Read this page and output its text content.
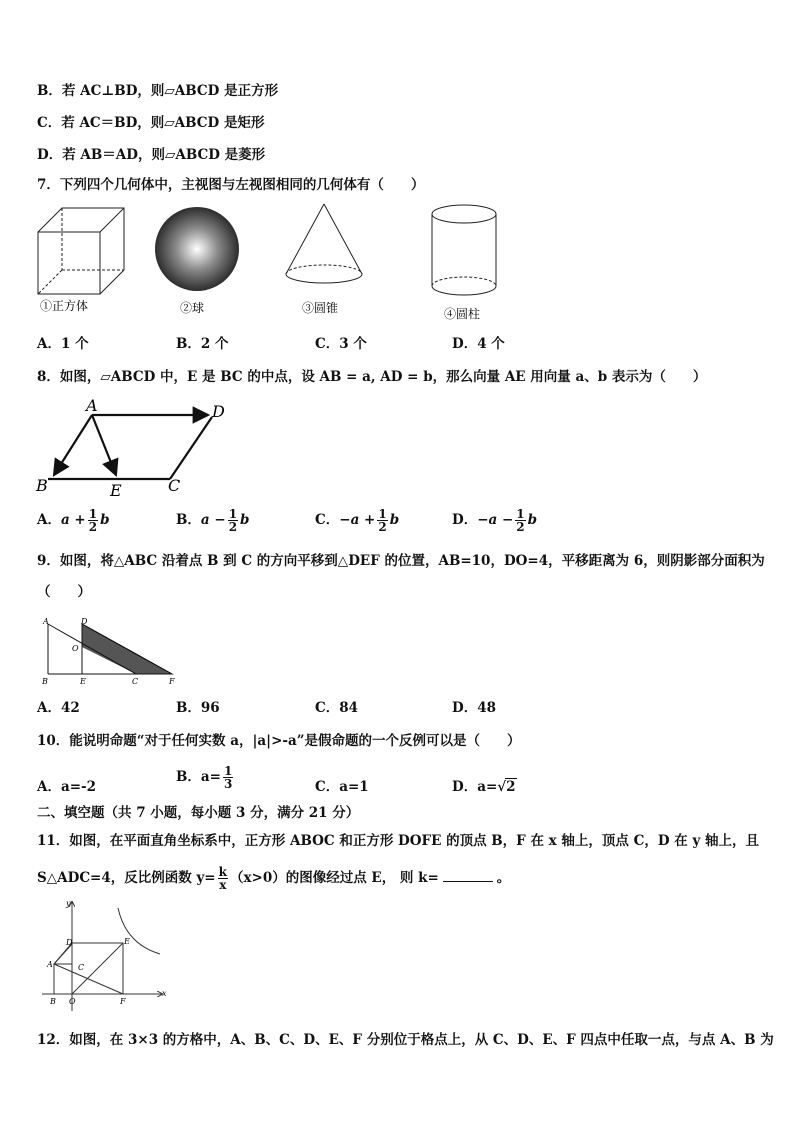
B．若 AC⊥BD，则▱ABCD 是正方形
C．若 AC＝BD，则▱ABCD 是矩形
D．若 AB＝AD，则▱ABCD 是菱形
7．下列四个几何体中，主视图与左视图相同的几何体有（　　）
①正方体	②球	③圆锥	④圆柱
A．1 个	B．2 个	C．3 个	D．4 个
8．如图，▱ABCD 中，E 是 BC 的中点，设 AB = a, AD = b，那么向量 AE 用向量 a、b 表示为（　　）
A	D
B	E	C
A．$a + \frac{1}{2}$ b	B．$a - \frac{1}{2}$ b	C．$-a + \frac{1}{2}$ b	D．$-a - \frac{1}{2}$ b
9．如图，将△ABC 沿着点 B 到 C 的方向平移到△DEF 的位置，AB=10，DO=4，平移距离为 6，则阴影部分面积为
（　　）
A	D
O
B	E	C	F
A．42	B．96	C．84	D．48
10．能说明命题“对于任何实数 a，|a|>-a”是假命题的一个反例可以是（　　）
A．a=-2
B．$a= \frac{1}{3}$	C．a=1	D．a=√2
二、填空题（共 7 小题，每小题 3 分，满分 21 分）
11．如图，在平面直角坐标系中，正方形 ABOC 和正方形 DOFE 的顶点 B，F 在 x 轴上，顶点 C，D 在 y 轴上，且
S△ADC=4，反比例函数 $y= \frac{k}{x} (x>0)$的图像经过点 E， 则 k=	。
y
D	E
A	C
B O	F
x
12．如图，在 3×3 的方格中，A、B、C、D、E、F 分别位于格点上，从 C、D、E、F 四点中任取一点，与点 A、B 为
